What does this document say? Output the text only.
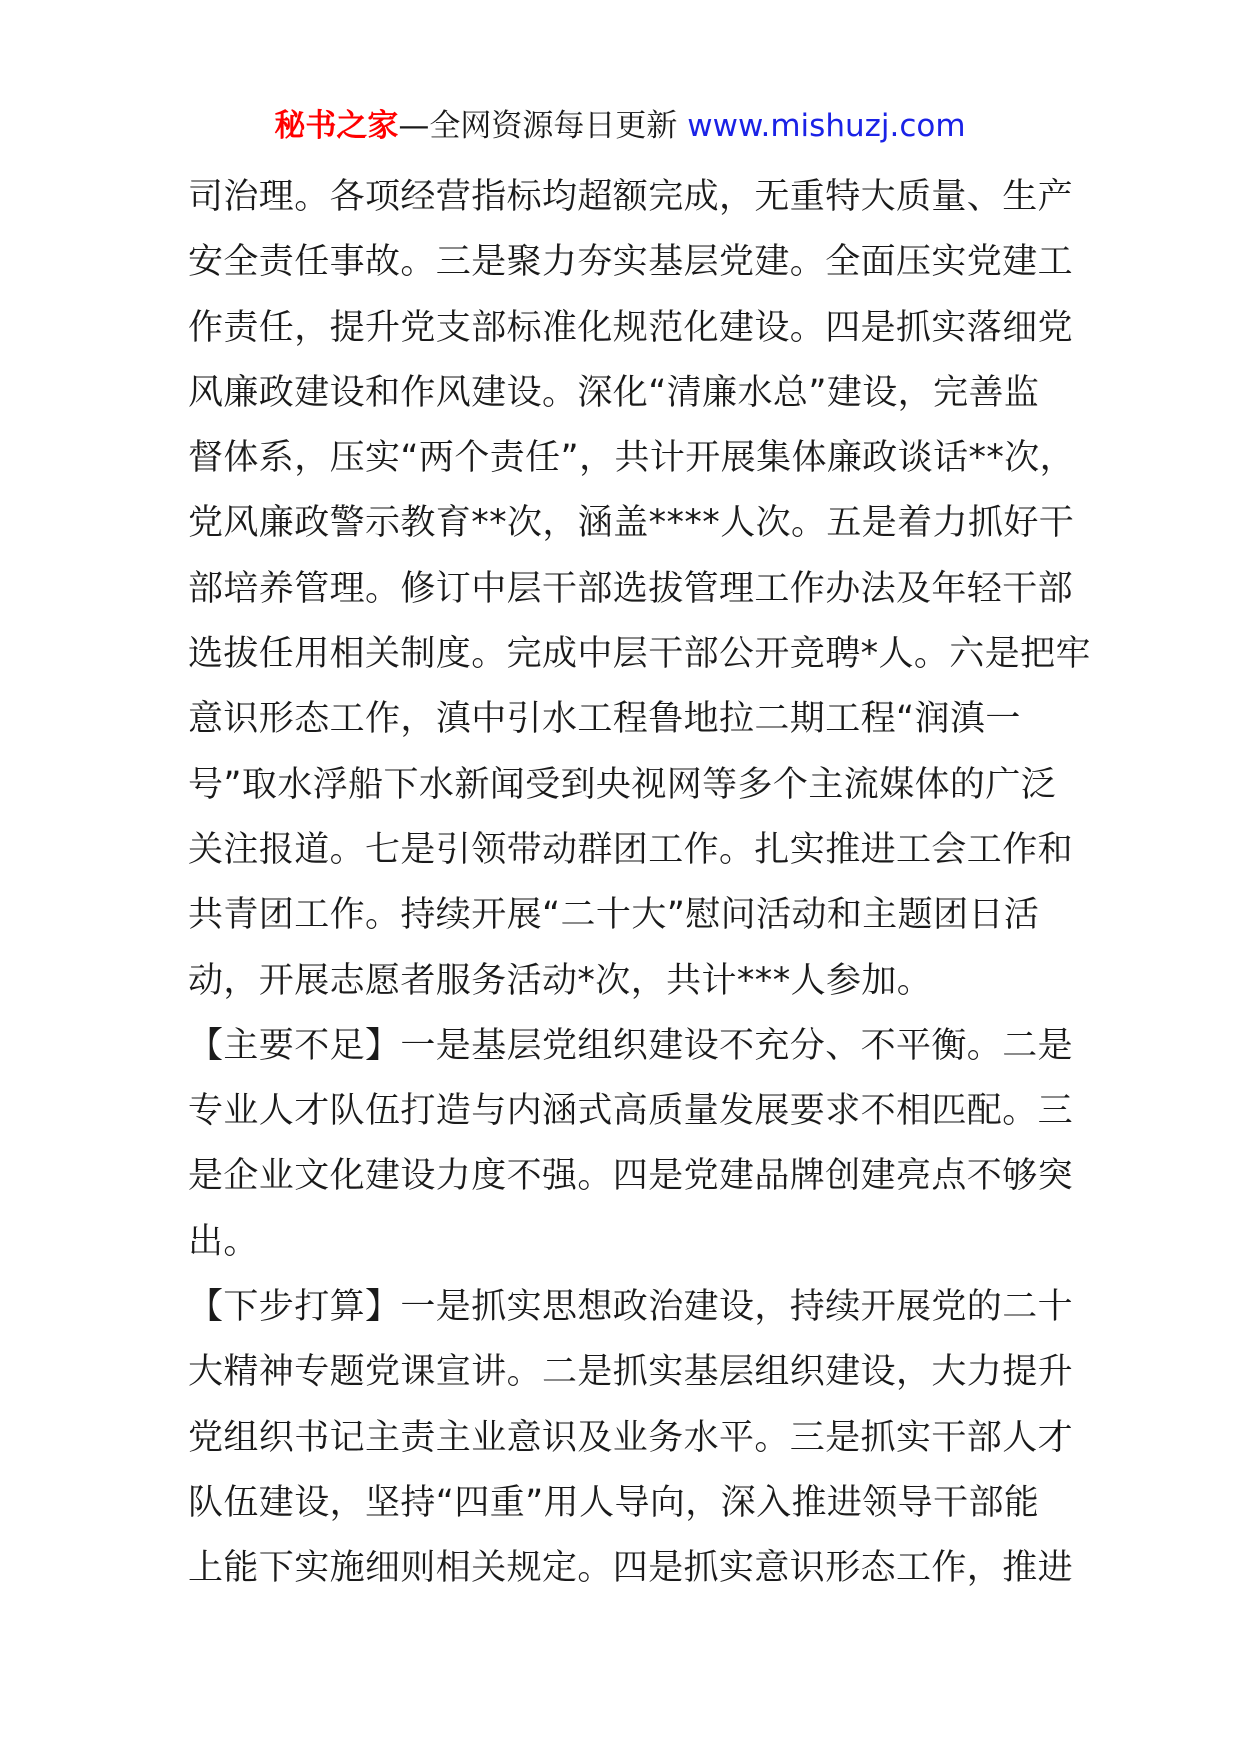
秘书之家—全网资源每日更新 www.mishuzj.com
司治理。各项经营指标均超额完成，无重特大质量、生产
安全责任事故。三是聚力夯实基层党建。全面压实党建工
作责任，提升党支部标准化规范化建设。四是抓实落细党
风廉政建设和作风建设。深化“清廉水总”建设，完善监
督体系，压实“两个责任”，共计开展集体廉政谈话**次，
党风廉政警示教育**次，涵盖****人次。五是着力抓好干
部培养管理。修订中层干部选拔管理工作办法及年轻干部
选拔任用相关制度。完成中层干部公开竞聘*人。六是把牢
意识形态工作，滇中引水工程鲁地拉二期工程“润滇一
号”取水浮船下水新闻受到央视网等多个主流媒体的广泛
关注报道。七是引领带动群团工作。扎实推进工会工作和
共青团工作。持续开展“二十大”慰问活动和主题团日活
动，开展志愿者服务活动*次，共计***人参加。
【主要不足】一是基层党组织建设不充分、不平衡。二是
专业人才队伍打造与内涵式高质量发展要求不相匹配。三
是企业文化建设力度不强。四是党建品牌创建亮点不够突
出。
【下步打算】一是抓实思想政治建设，持续开展党的二十
大精神专题党课宣讲。二是抓实基层组织建设，大力提升
党组织书记主责主业意识及业务水平。三是抓实干部人才
队伍建设，坚持“四重”用人导向，深入推进领导干部能
上能下实施细则相关规定。四是抓实意识形态工作，推进
